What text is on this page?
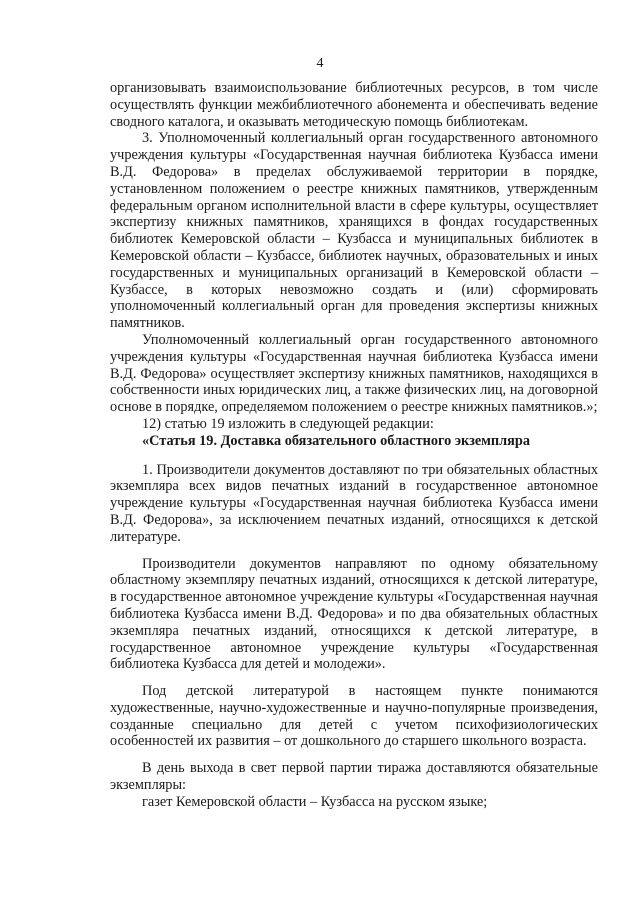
4

организовывать взаимоиспользование библиотечных ресурсов, в том числе осуществлять функции межбиблиотечного абонемента и обеспечивать ведение сводного каталога, и оказывать методическую помощь библиотекам.

3. Уполномоченный коллегиальный орган государственного автономного учреждения культуры «Государственная научная библиотека Кузбасса имени В.Д. Федорова» в пределах обслуживаемой территории в порядке, установленном положением о реестре книжных памятников, утвержденным федеральным органом исполнительной власти в сфере культуры, осуществляет экспертизу книжных памятников, хранящихся в фондах государственных библиотек Кемеровской области – Кузбасса и муниципальных библиотек в Кемеровской области – Кузбассе, библиотек научных, образовательных и иных государственных и муниципальных организаций в Кемеровской области – Кузбассе, в которых невозможно создать и (или) сформировать уполномоченный коллегиальный орган для проведения экспертизы книжных памятников.

Уполномоченный коллегиальный орган государственного автономного учреждения культуры «Государственная научная библиотека Кузбасса имени В.Д. Федорова» осуществляет экспертизу книжных памятников, находящихся в собственности иных юридических лиц, а также физических лиц, на договорной основе в порядке, определяемом положением о реестре книжных памятников.»;

12) статью 19 изложить в следующей редакции:

«Статья 19. Доставка обязательного областного экземпляра

1. Производители документов доставляют по три обязательных областных экземпляра всех видов печатных изданий в государственное автономное учреждение культуры «Государственная научная библиотека Кузбасса имени В.Д. Федорова», за исключением печатных изданий, относящихся к детской литературе.

Производители документов направляют по одному обязательному областному экземпляру печатных изданий, относящихся к детской литературе, в государственное автономное учреждение культуры «Государственная научная библиотека Кузбасса имени В.Д. Федорова» и по два обязательных областных экземпляра печатных изданий, относящихся к детской литературе, в государственное автономное учреждение культуры «Государственная библиотека Кузбасса для детей и молодежи».

Под детской литературой в настоящем пункте понимаются художественные, научно-художественные и научно-популярные произведения, созданные специально для детей с учетом психофизиологических особенностей их развития – от дошкольного до старшего школьного возраста.

В день выхода в свет первой партии тиража доставляются обязательные экземпляры:

газет Кемеровской области – Кузбасса на русском языке;
